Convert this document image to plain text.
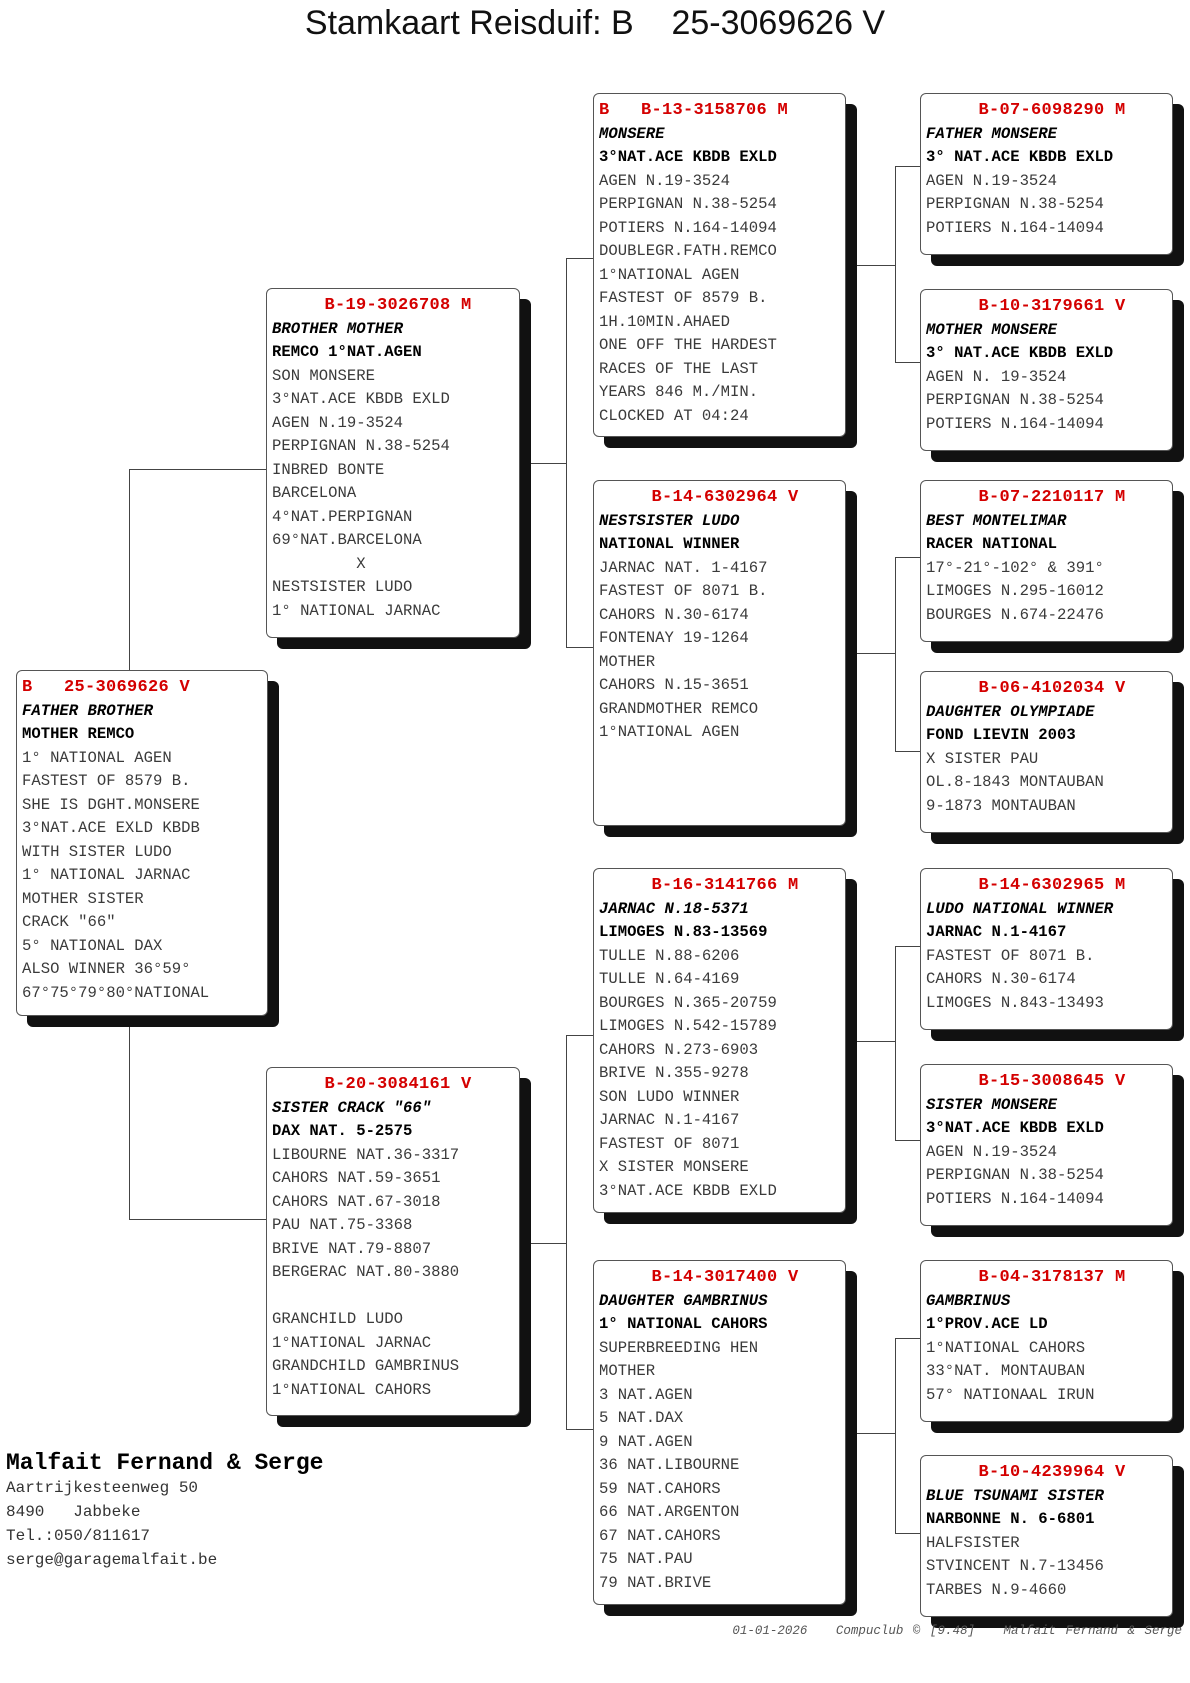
Stamkaart Reisduif: B    25-3069626 V
B   25-3069626 V
FATHER BROTHER
MOTHER REMCO
1° NATIONAL AGEN
FASTEST OF 8579 B.
SHE IS DGHT.MONSERE
3°NAT.ACE EXLD KBDB
WITH SISTER LUDO
1° NATIONAL JARNAC
MOTHER SISTER
CRACK "66"
5° NATIONAL DAX
ALSO WINNER 36°59°
67°75°79°80°NATIONAL
B-19-3026708 M
BROTHER MOTHER
REMCO 1°NAT.AGEN
SON MONSERE
3°NAT.ACE KBDB EXLD
AGEN N.19-3524
PERPIGNAN N.38-5254
INBRED BONTE
BARCELONA
4°NAT.PERPIGNAN
69°NAT.BARCELONA
X
NESTSISTER LUDO
1° NATIONAL JARNAC
B-20-3084161 V
SISTER CRACK "66"
DAX NAT. 5-2575
LIBOURNE NAT.36-3317
CAHORS NAT.59-3651
CAHORS NAT.67-3018
PAU NAT.75-3368
BRIVE NAT.79-8807
BERGERAC NAT.80-3880
GRANCHILD LUDO
1°NATIONAL JARNAC
GRANDCHILD GAMBRINUS
1°NATIONAL CAHORS
B   B-13-3158706 M
MONSERE
3°NAT.ACE KBDB EXLD
AGEN N.19-3524
PERPIGNAN N.38-5254
POTIERS N.164-14094
DOUBLEGR.FATH.REMCO
1°NATIONAL AGEN
FASTEST OF 8579 B.
1H.10MIN.AHAED
ONE OFF THE HARDEST
RACES OF THE LAST
YEARS 846 M./MIN.
CLOCKED AT 04:24
B-14-6302964 V
NESTSISTER LUDO
NATIONAL WINNER
JARNAC NAT. 1-4167
FASTEST OF 8071 B.
CAHORS N.30-6174
FONTENAY 19-1264
MOTHER
CAHORS N.15-3651
GRANDMOTHER REMCO
1°NATIONAL AGEN
B-16-3141766 M
JARNAC N.18-5371
LIMOGES N.83-13569
TULLE N.88-6206
TULLE N.64-4169
BOURGES N.365-20759
LIMOGES N.542-15789
CAHORS N.273-6903
BRIVE N.355-9278
SON LUDO WINNER
JARNAC N.1-4167
FASTEST OF 8071
X SISTER MONSERE
3°NAT.ACE KBDB EXLD
B-14-3017400 V
DAUGHTER GAMBRINUS
1° NATIONAL CAHORS
SUPERBREEDING HEN
MOTHER
3 NAT.AGEN
5 NAT.DAX
9 NAT.AGEN
36 NAT.LIBOURNE
59 NAT.CAHORS
66 NAT.ARGENTON
67 NAT.CAHORS
75 NAT.PAU
79 NAT.BRIVE
B-07-6098290 M
FATHER MONSERE
3° NAT.ACE KBDB EXLD
AGEN N.19-3524
PERPIGNAN N.38-5254
POTIERS N.164-14094
B-10-3179661 V
MOTHER MONSERE
3° NAT.ACE KBDB EXLD
AGEN N. 19-3524
PERPIGNAN N.38-5254
POTIERS N.164-14094
B-07-2210117 M
BEST MONTELIMAR
RACER NATIONAL
17°-21°-102° & 391°
LIMOGES N.295-16012
BOURGES N.674-22476
B-06-4102034 V
DAUGHTER OLYMPIADE
FOND LIEVIN 2003
X SISTER PAU
OL.8-1843 MONTAUBAN
9-1873 MONTAUBAN
B-14-6302965 M
LUDO NATIONAL WINNER
JARNAC N.1-4167
FASTEST OF 8071 B.
CAHORS N.30-6174
LIMOGES N.843-13493
B-15-3008645 V
SISTER MONSERE
3°NAT.ACE KBDB EXLD
AGEN N.19-3524
PERPIGNAN N.38-5254
POTIERS N.164-14094
B-04-3178137 M
GAMBRINUS
1°PROV.ACE LD
1°NATIONAL CAHORS
33°NAT. MONTAUBAN
57° NATIONAAL IRUN
B-10-4239964 V
BLUE TSUNAMI SISTER
NARBONNE N. 6-6801
HALFSISTER
STVINCENT N.7-13456
TARBES N.9-4660
Malfait Fernand & Serge
Aartrijkesteenweg 50
8490   Jabbeke
Tel.:050/811617
serge@garagemalfait.be
01-01-2026 Compuclub © [9.48] Malfait Fernand & Serge
